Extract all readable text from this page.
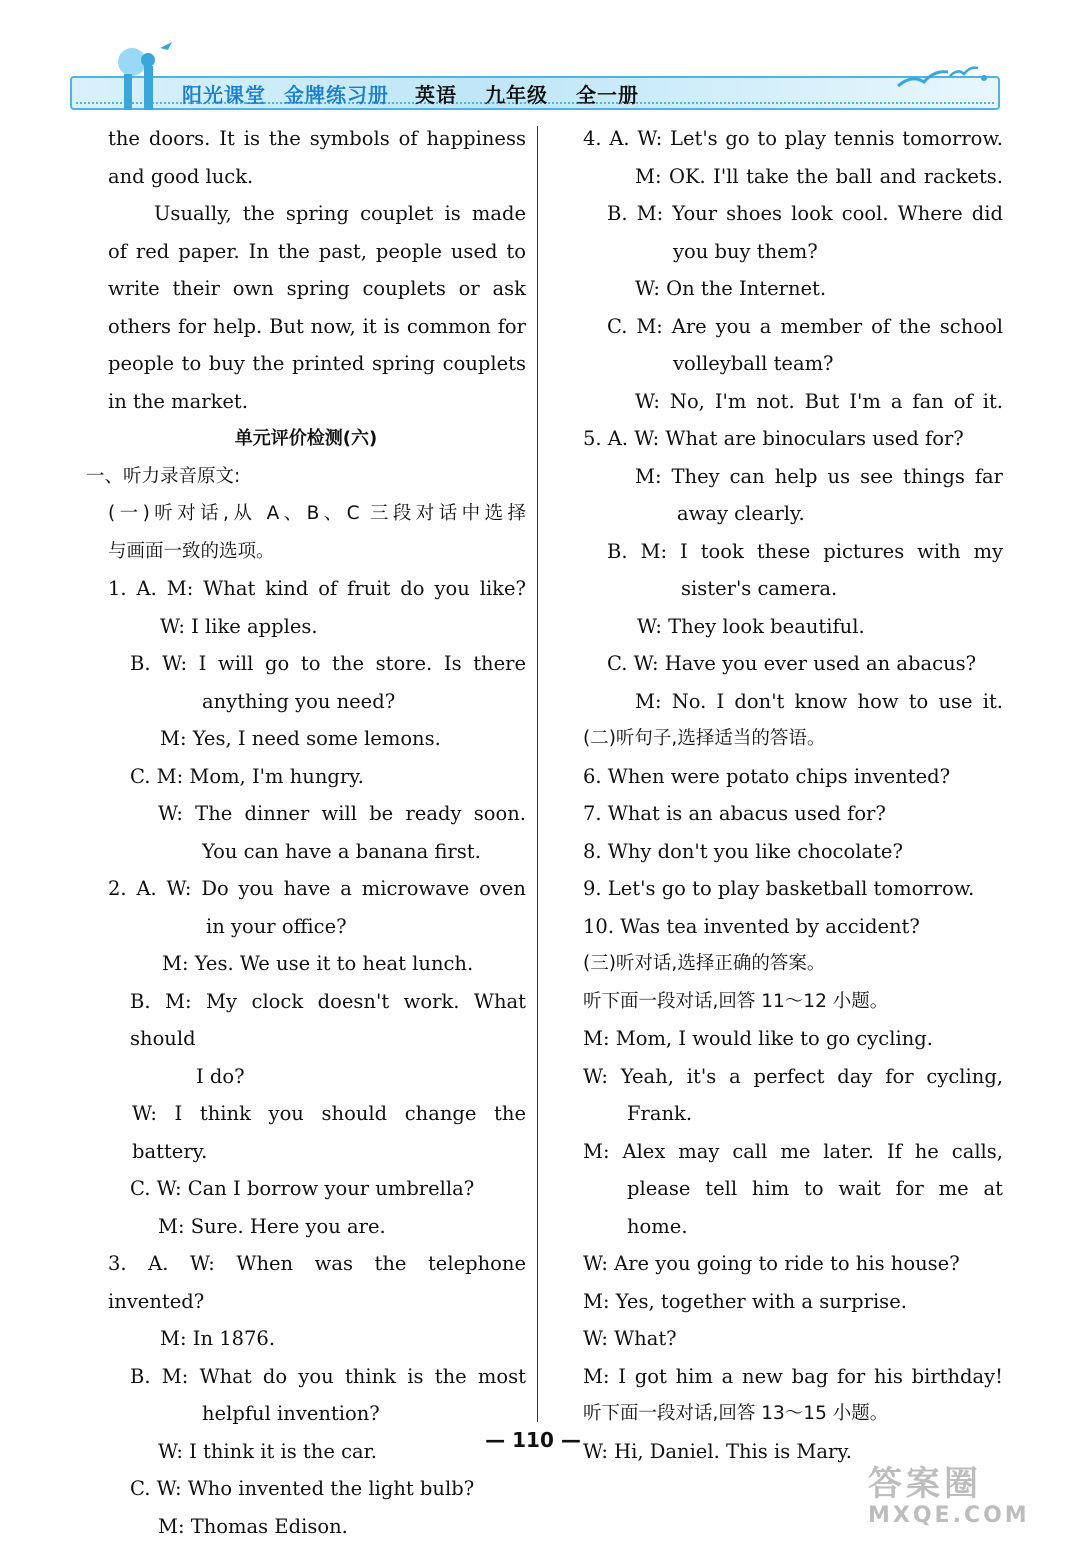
阳光课堂 金牌练习册 英语 九年级 全一册
the doors. It is the symbols of happiness
and good luck.
Usually, the spring couplet is made
of red paper. In the past, people used to
write their own spring couplets or ask
others for help. But now, it is common for
people to buy the printed spring couplets
in the market.
单元评价检测(六)
一、听力录音原文:
(一)听对话,从 A、B、C 三段对话中选择
与画面一致的选项。
1. A. M: What kind of fruit do you like?
W: I like apples.
B. W: I will go to the store. Is there
anything you need?
M: Yes, I need some lemons.
C. M: Mom, I'm hungry.
W: The dinner will be ready soon.
You can have a banana first.
2. A. W: Do you have a microwave oven
in your office?
M: Yes. We use it to heat lunch.
B. M: My clock doesn't work. What should
I do?
W: I think you should change the battery.
C. W: Can I borrow your umbrella?
M: Sure. Here you are.
3. A. W: When was the telephone invented?
M: In 1876.
B. M: What do you think is the most
helpful invention?
W: I think it is the car.
C. W: Who invented the light bulb?
M: Thomas Edison.
4. A. W: Let's go to play tennis tomorrow.
M: OK. I'll take the ball and rackets.
B. M: Your shoes look cool. Where did
you buy them?
W: On the Internet.
C. M: Are you a member of the school
volleyball team?
W: No, I'm not. But I'm a fan of it.
5. A. W: What are binoculars used for?
M: They can help us see things far
away clearly.
B. M: I took these pictures with my
sister's camera.
W: They look beautiful.
C. W: Have you ever used an abacus?
M: No. I don't know how to use it.
(二)听句子,选择适当的答语。
6. When were potato chips invented?
7. What is an abacus used for?
8. Why don't you like chocolate?
9. Let's go to play basketball tomorrow.
10. Was tea invented by accident?
(三)听对话,选择正确的答案。
听下面一段对话,回答 11～12 小题。
M: Mom, I would like to go cycling.
W: Yeah, it's a perfect day for cycling,
Frank.
M: Alex may call me later. If he calls,
please tell him to wait for me at home.
W: Are you going to ride to his house?
M: Yes, together with a surprise.
W: What?
M: I got him a new bag for his birthday!
听下面一段对话,回答 13～15 小题。
W: Hi, Daniel. This is Mary.
— 110 —
答案圈
MXQE.COM
